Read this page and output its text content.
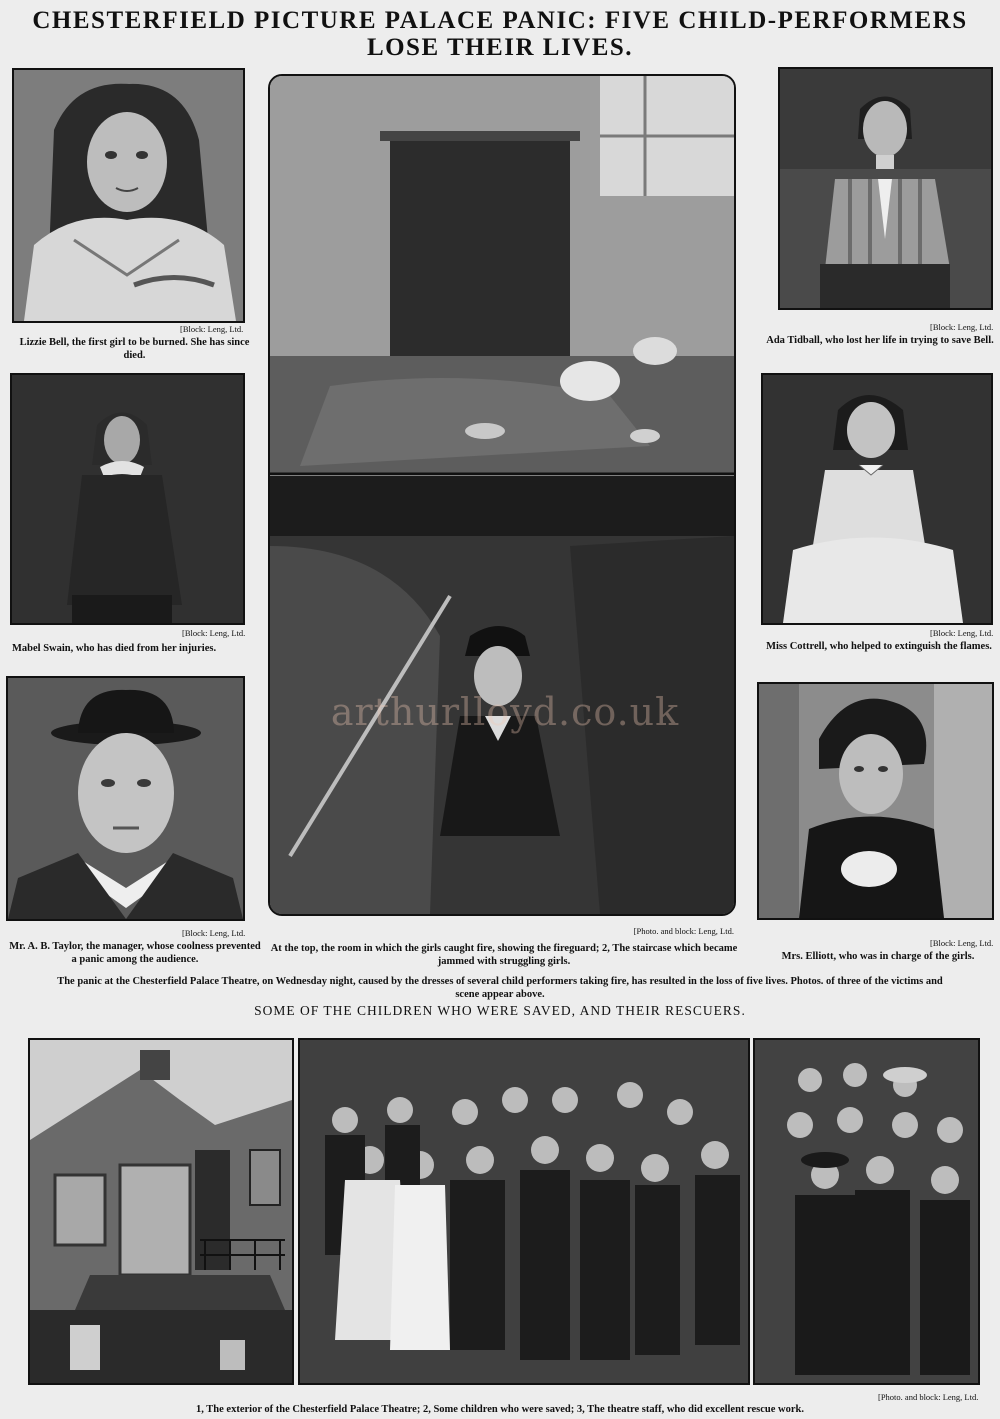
CHESTERFIELD PICTURE PALACE PANIC: FIVE CHILD-PERFORMERS
LOSE THEIR LIVES.
[Block: Leng, Ltd.
Lizzie Bell, the first girl to be burned. She has since died.
[Block: Leng, Ltd.
Mabel Swain, who has died from her injuries.
[Block: Leng, Ltd.
Mr. A. B. Taylor, the manager, whose coolness prevented a panic among the audience.
[Photo. and block: Leng, Ltd.
At the top, the room in which the girls caught fire, showing the fireguard; 2, The staircase which became jammed with struggling girls.
[Block: Leng, Ltd.
Ada Tidball, who lost her life in trying to save Bell.
[Block: Leng, Ltd.
Miss Cottrell, who helped to extinguish the flames.
[Block: Leng, Ltd.
Mrs. Elliott, who was in charge of the girls.
arthurlloyd.co.uk
The panic at the Chesterfield Palace Theatre, on Wednesday night, caused by the dresses of several child performers taking fire, has resulted in the loss of five lives. Photos. of three of the victims and scene appear above.
SOME OF THE CHILDREN WHO WERE SAVED, AND THEIR RESCUERS.
[Photo. and block: Leng, Ltd.
1, The exterior of the Chesterfield Palace Theatre; 2, Some children who were saved; 3, The theatre staff, who did excellent rescue work.
